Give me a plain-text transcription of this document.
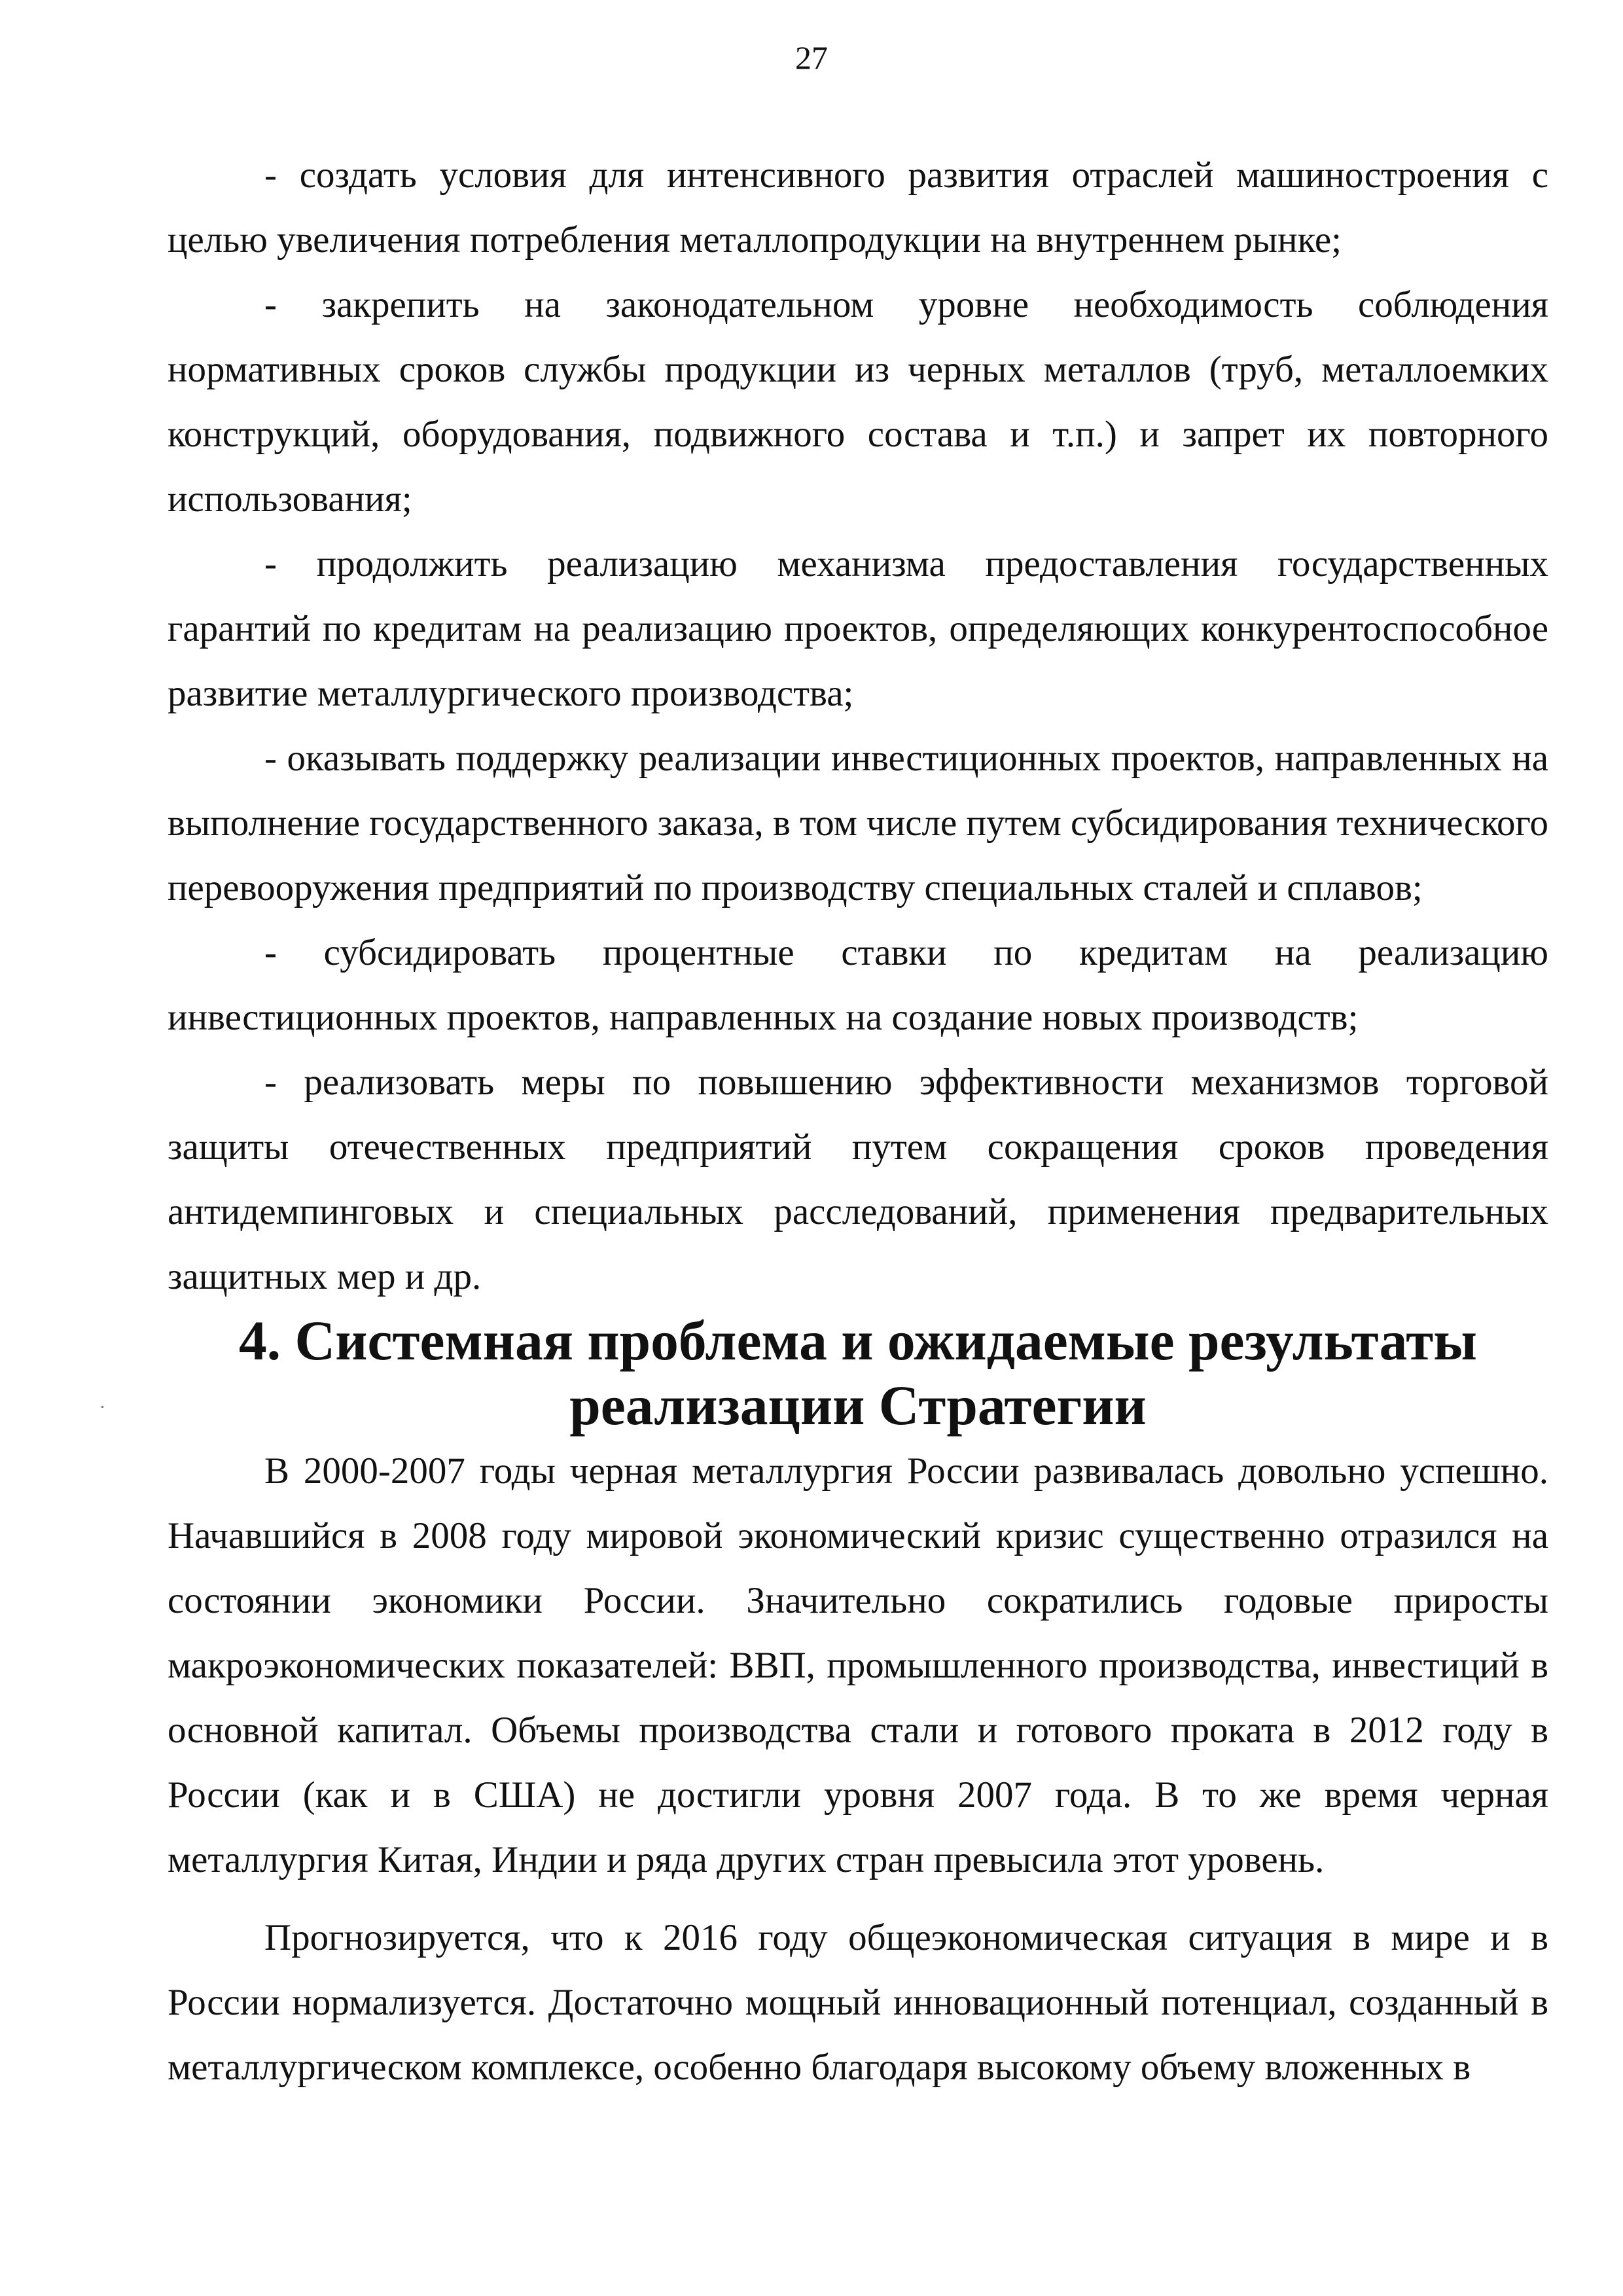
27

- создать условия для интенсивного развития отраслей машиностроения с целью увеличения потребления металлопродукции на внутреннем рынке;

- закрепить на законодательном уровне необходимость соблюдения нормативных сроков службы продукции из черных металлов (труб, металлоемких конструкций, оборудования, подвижного состава и т.п.) и запрет их повторного использования;

- продолжить реализацию механизма предоставления государственных гарантий по кредитам на реализацию проектов, определяющих конкурентоспособное развитие металлургического производства;

- оказывать поддержку реализации инвестиционных проектов, направленных на выполнение государственного заказа, в том числе путем субсидирования технического перевооружения предприятий по производству специальных сталей и сплавов;

- субсидировать процентные ставки по кредитам на реализацию инвестиционных проектов, направленных на создание новых производств;

- реализовать меры по повышению эффективности механизмов торговой защиты отечественных предприятий путем сокращения сроков проведения антидемпинговых и специальных расследований, применения предварительных защитных мер и др.

4. Системная проблема и ожидаемые результаты реализации Стратегии

В 2000-2007 годы черная металлургия России развивалась довольно успешно. Начавшийся в 2008 году мировой экономический кризис существенно отразился на состоянии экономики России. Значительно сократились годовые приросты макроэкономических показателей: ВВП, промышленного производства, инвестиций в основной капитал. Объемы производства стали и готового проката в 2012 году в России (как и в США) не достигли уровня 2007 года. В то же время черная металлургия Китая, Индии и ряда других стран превысила этот уровень.

Прогнозируется, что к 2016 году общеэкономическая ситуация в мире и в России нормализуется. Достаточно мощный инновационный потенциал, созданный в металлургическом комплексе, особенно благодаря высокому объему вложенных в
